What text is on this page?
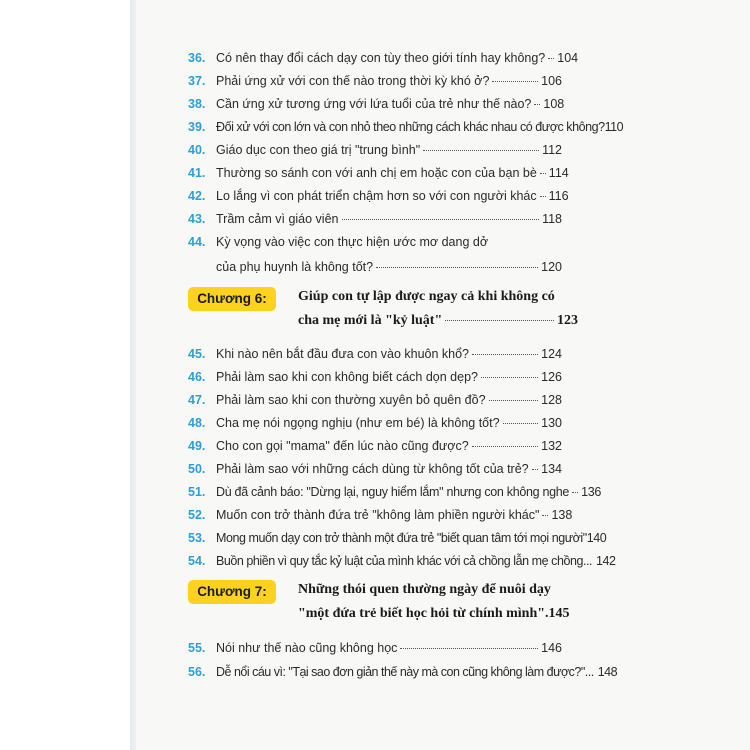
36. Có nên thay đổi cách dạy con tùy theo giới tính hay không? 104
37. Phải ứng xử với con thế nào trong thời kỳ khó ở?	106
38. Cần ứng xử tương ứng với lứa tuổi của trẻ như thế nào? 108
39. Đối xử với con lớn và con nhỏ theo những cách khác nhau có được không? 110
40. Giáo dục con theo giá trị "trung bình"	112
41. Thường so sánh con với anh chị em hoặc con của bạn bè 114
42. Lo lắng vì con phát triển chậm hơn so với con người khác 116
43. Trầm cảm vì giáo viên	118
44. Kỳ vọng vào việc con thực hiện ước mơ dang dở
của phụ huynh là không tốt?	120
Chương 6:	Giúp con tự lập được ngay cả khi không có
cha mẹ mới là "kỷ luật"	123
45. Khi nào nên bắt đầu đưa con vào khuôn khổ?	124
46. Phải làm sao khi con không biết cách dọn dẹp?	126
47. Phải làm sao khi con thường xuyên bỏ quên đồ?	128
48. Cha mẹ nói ngọng nghịu (như em bé) là không tốt?	130
49. Cho con gọi "mama" đến lúc nào cũng được?	132
50. Phải làm sao với những cách dùng từ không tốt của trẻ? 134
51. Dù đã cảnh báo: "Dừng lại, nguy hiểm lắm" nhưng con không nghe 136
52. Muốn con trở thành đứa trẻ "không làm phiền người khác" 138
53. Mong muốn dạy con trở thành một đứa trẻ "biết quan tâm tới mọi người" 140
54. Buồn phiền vì quy tắc kỷ luật của mình khác với cả chồng lẫn mẹ chồng... 142
Chương 7:	Những thói quen thường ngày để nuôi dạy
"một đứa trẻ biết học hỏi từ chính mình". 145
55. Nói như thế nào cũng không học	146
56. Dễ nổi cáu vì: "Tại sao đơn giản thế này mà con cũng không làm được?"... 148
